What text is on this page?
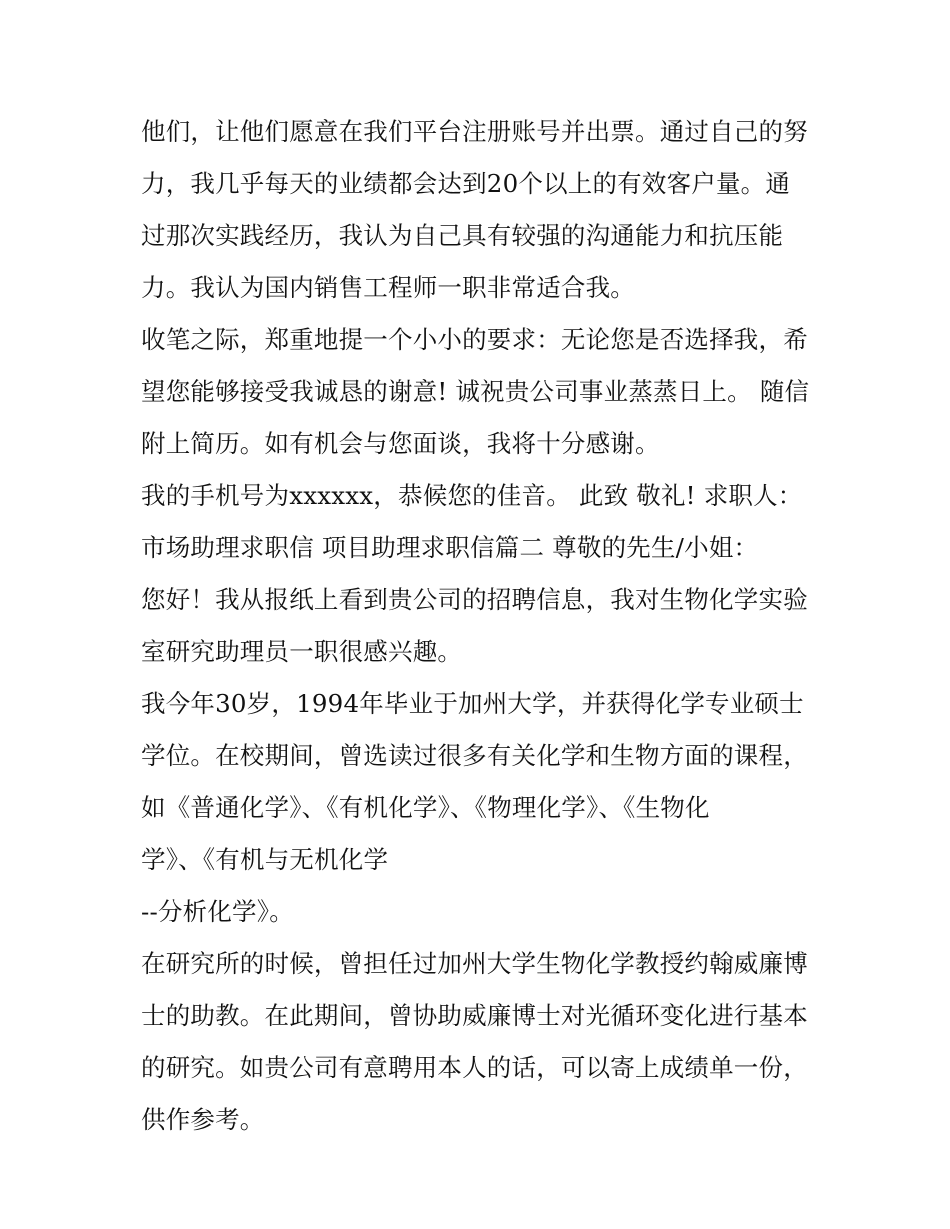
他们，让他们愿意在我们平台注册账号并出票。通过自己的努
力，我几乎每天的业绩都会达到20个以上的有效客户量。通
过那次实践经历，我认为自己具有较强的沟通能力和抗压能
力。我认为国内销售工程师一职非常适合我。
收笔之际，郑重地提一个小小的要求：无论您是否选择我，希
望您能够接受我诚恳的谢意! 诚祝贵公司事业蒸蒸日上。 随信
附上简历。如有机会与您面谈，我将十分感谢。
我的手机号为xxxxxx，恭候您的佳音。 此致 敬礼! 求职人：
市场助理求职信 项目助理求职信篇二 尊敬的先生/小姐：
您好！我从报纸上看到贵公司的招聘信息，我对生物化学实验
室研究助理员一职很感兴趣。
我今年30岁，1994年毕业于加州大学，并获得化学专业硕士
学位。在校期间，曾选读过很多有关化学和生物方面的课程，
如《普通化学》、《有机化学》、《物理化学》、《生物化
学》、《有机与无机化学
--分析化学》。
在研究所的时候，曾担任过加州大学生物化学教授约翰威廉博
士的助教。在此期间，曾协助威廉博士对光循环变化进行基本
的研究。如贵公司有意聘用本人的话，可以寄上成绩单一份，
供作参考。
